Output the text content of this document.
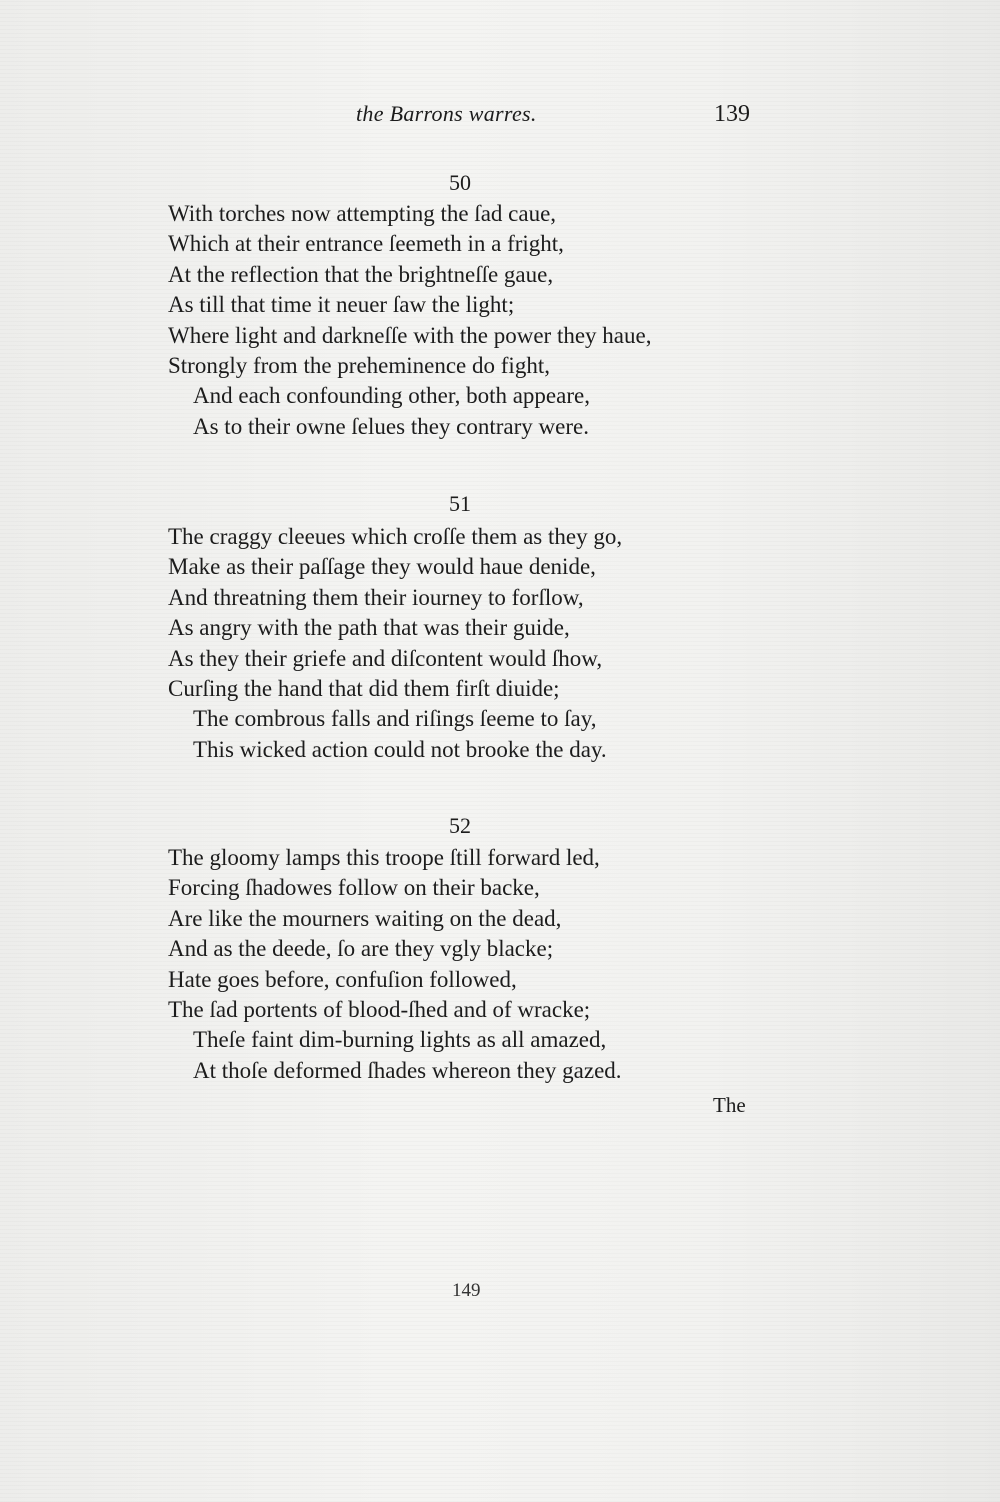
the Barrons warres.	139
50
With torches now attempting the ſad caue,
Which at their entrance ſeemeth in a fright,
At the reflection that the brightneſſe gaue,
As till that time it neuer ſaw the light;
Where light and darkneſſe with the power they haue,
Strongly from the preheminence do fight,
And each confounding other, both appeare,
As to their owne ſelues they contrary were.
51
The craggy cleeues which croſſe them as they go,
Make as their paſſage they would haue denide,
And threatning them their iourney to forſlow,
As angry with the path that was their guide,
As they their griefe and diſcontent would ſhow,
Curſing the hand that did them firſt diuide;
The combrous falls and riſings ſeeme to ſay,
This wicked action could not brooke the day.
52
The gloomy lamps this troope ſtill forward led,
Forcing ſhadowes follow on their backe,
Are like the mourners waiting on the dead,
And as the deede, ſo are they vgly blacke;
Hate goes before, confuſion followed,
The ſad portents of blood-ſhed and of wracke;
Theſe faint dim-burning lights as all amazed,
At thoſe deformed ſhades whereon they gazed.
The
149
